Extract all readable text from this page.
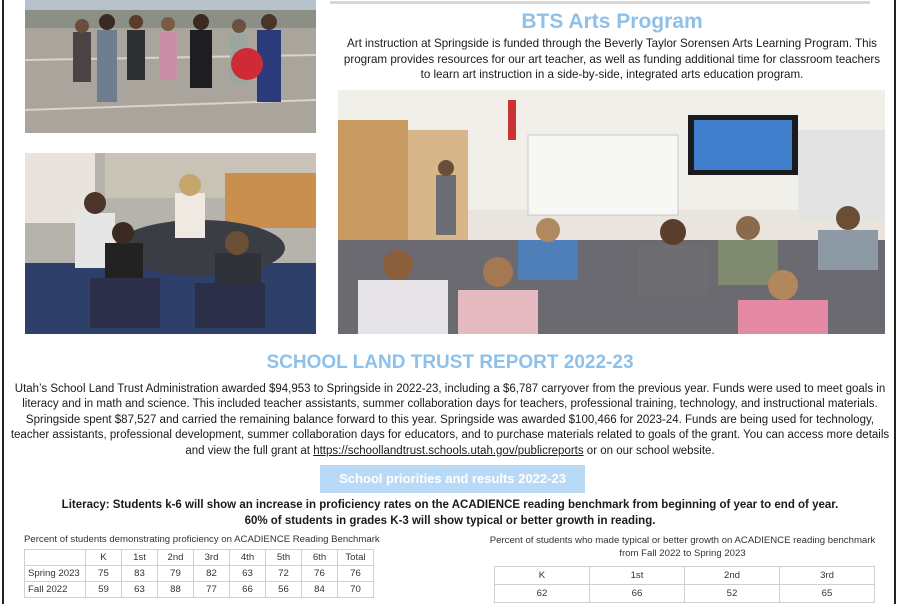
BTS Arts Program
Art instruction at Springside is funded through the Beverly Taylor Sorensen Arts Learning Program. This program provides resources for our art teacher, as well as funding additional time for classroom teachers to learn art instruction in a side-by-side, integrated arts education program.
SCHOOL LAND TRUST REPORT 2022-23
Utah’s School Land Trust Administration awarded $94,953 to Springside in 2022-23, including a $6,787 carryover from the previous year. Funds were used to meet goals in literacy and in math and science. This included teacher assistants, summer collaboration days for teachers, professional training, technology, and instructional materials. Springside spent $87,527 and carried the remaining balance forward to this year. Springside was awarded $100,466 for 2023-24. Funds are being used for technology, teacher assistants, professional development, summer collaboration days for educators, and to purchase materials related to goals of the grant. You can access more details and view the full grant at https://schoollandtrust.schools.utah.gov/publicreports or on our school website.
School priorities and results 2022-23
Literacy: Students k-6 will show an increase in proficiency rates on the ACADIENCE reading benchmark from beginning of year to end of year.
60% of students in grades K-3 will show typical or better growth in reading.
Percent of students demonstrating proficiency on ACADIENCE Reading Benchmark
	K	1st	2nd	3rd	4th	5th	6th	Total
Spring 2023	75	83	79	82	63	72	76	76
Fall 2022	59	63	88	77	66	56	84	70
Percent of students who made typical or better growth on ACADIENCE reading benchmark from Fall 2022 to Spring 2023
K	1st	2nd	3rd
62	66	52	65
